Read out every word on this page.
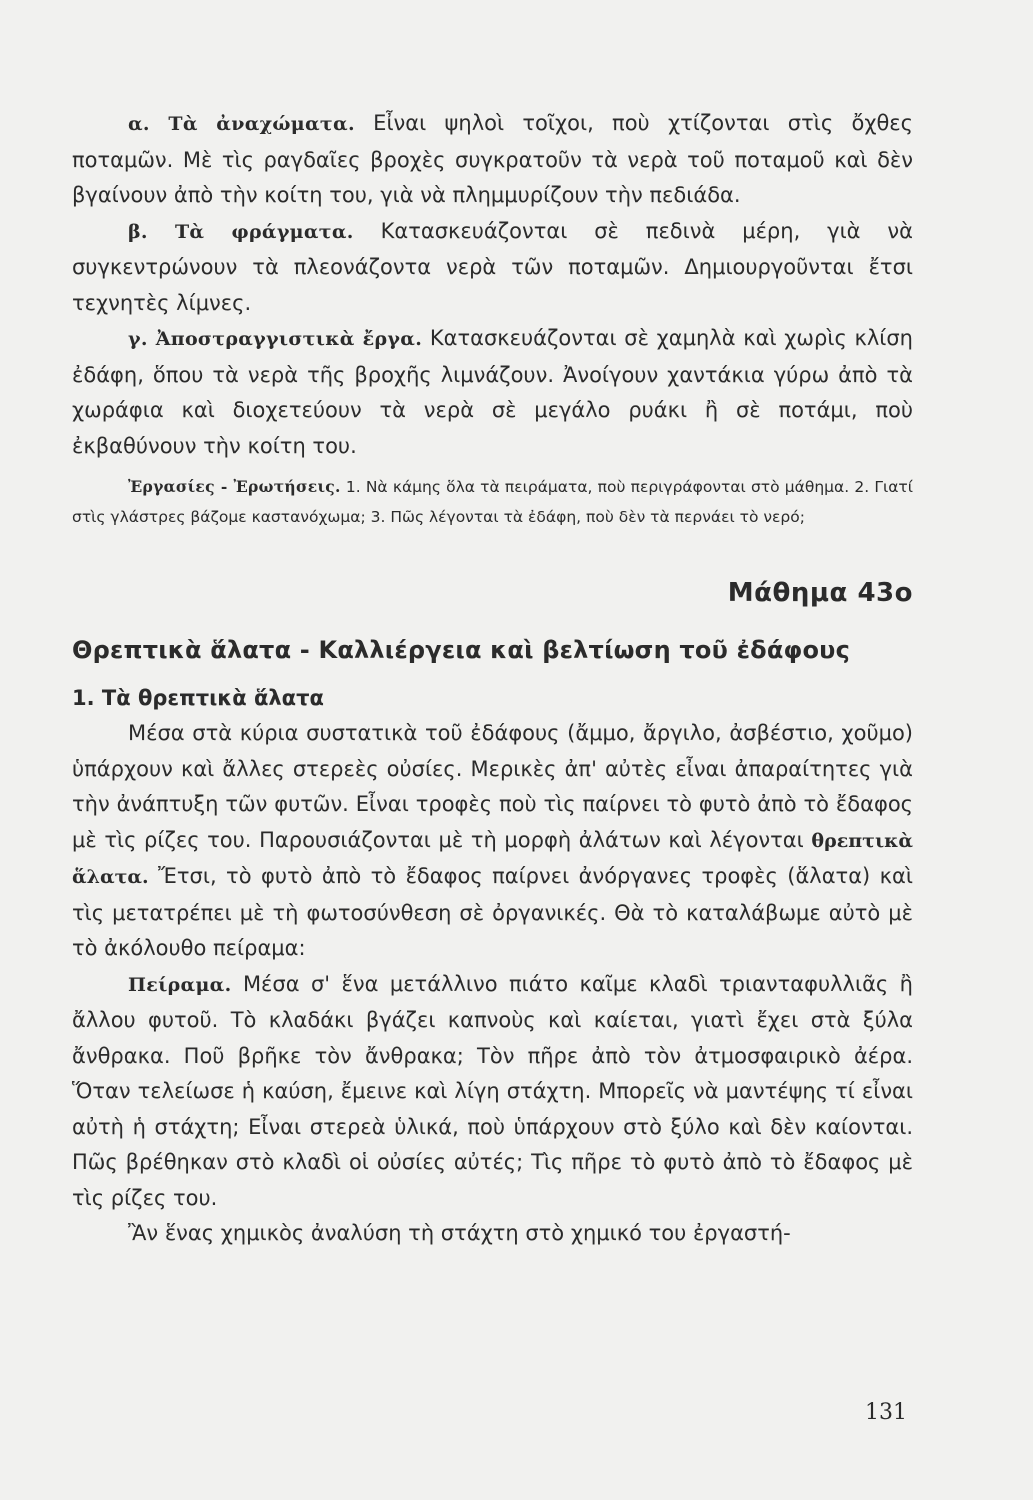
α. Τὰ ἀναχώματα. Εἶναι ψηλοὶ τοῖχοι, ποὺ χτίζονται στὶς ὄχθες ποταμῶν. Μὲ τὶς ραγδαῖες βροχὲς συγκρατοῦν τὰ νερὰ τοῦ ποταμοῦ καὶ δὲν βγαίνουν ἀπὸ τὴν κοίτη του, γιὰ νὰ πλημμυρίζουν τὴν πεδιάδα.

β. Τὰ φράγματα. Κατασκευάζονται σὲ πεδινὰ μέρη, γιὰ νὰ συγκεντρώνουν τὰ πλεονάζοντα νερὰ τῶν ποταμῶν. Δημιουργοῦνται ἔτσι τεχνητὲς λίμνες.

γ. Ἀποστραγγιστικὰ ἔργα. Κατασκευάζονται σὲ χαμηλὰ καὶ χωρὶς κλίση ἐδάφη, ὅπου τὰ νερὰ τῆς βροχῆς λιμνάζουν. Ἀνοίγουν χαντάκια γύρω ἀπὸ τὰ χωράφια καὶ διοχετεύουν τὰ νερὰ σὲ μεγάλο ρυάκι ἢ σὲ ποτάμι, ποὺ ἐκβαθύνουν τὴν κοίτη του.

Ἐργασίες - Ἐρωτήσεις. 1. Νὰ κάμης ὅλα τὰ πειράματα, ποὺ περιγράφονται στὸ μάθημα. 2. Γιατί στὶς γλάστρες βάζομε καστανόχωμα; 3. Πῶς λέγονται τὰ ἐδάφη, ποὺ δὲν τὰ περνάει τὸ νερό;

Μάθημα 43ο
Θρεπτικὰ ἅλατα - Καλλιέργεια καὶ βελτίωση τοῦ ἐδάφους
1. Τὰ θρεπτικὰ ἅλατα

Μέσα στὰ κύρια συστατικὰ τοῦ ἐδάφους (ἄμμο, ἄργιλο, ἀσβέστιο, χοῦμο) ὑπάρχουν καὶ ἄλλες στερεὲς οὐσίες. Μερικὲς ἀπ' αὐτὲς εἶναι ἀπαραίτητες γιὰ τὴν ἀνάπτυξη τῶν φυτῶν. Εἶναι τροφὲς ποὺ τὶς παίρνει τὸ φυτὸ ἀπὸ τὸ ἔδαφος μὲ τὶς ρίζες του. Παρουσιάζονται μὲ τὴ μορφὴ ἀλάτων καὶ λέγονται θρεπτικὰ ἅλατα. Ἔτσι, τὸ φυτὸ ἀπὸ τὸ ἔδαφος παίρνει ἀνόργανες τροφὲς (ἅλατα) καὶ τὶς μετατρέπει μὲ τὴ φωτοσύνθεση σὲ ὀργανικές. Θὰ τὸ καταλάβωμε αὐτὸ μὲ τὸ ἀκόλουθο πείραμα:

Πείραμα. Μέσα σ' ἕνα μετάλλινο πιάτο καῖμε κλαδὶ τριανταφυλλιᾶς ἢ ἄλλου φυτοῦ. Τὸ κλαδάκι βγάζει καπνοὺς καὶ καίεται, γιατὶ ἔχει στὰ ξύλα ἄνθρακα. Ποῦ βρῆκε τὸν ἄνθρακα; Τὸν πῆρε ἀπὸ τὸν ἀτμοσφαιρικὸ ἀέρα. Ὅταν τελείωσε ἡ καύση, ἔμεινε καὶ λίγη στάχτη. Μπορεῖς νὰ μαντέψης τί εἶναι αὐτὴ ἡ στάχτη; Εἶναι στερεὰ ὑλικά, ποὺ ὑπάρχουν στὸ ξύλο καὶ δὲν καίονται. Πῶς βρέθηκαν στὸ κλαδὶ οἱ οὐσίες αὐτές; Τὶς πῆρε τὸ φυτὸ ἀπὸ τὸ ἔδαφος μὲ τὶς ρίζες του.

Ἂν ἕνας χημικὸς ἀναλύση τὴ στάχτη στὸ χημικό του ἐργαστή-

131
